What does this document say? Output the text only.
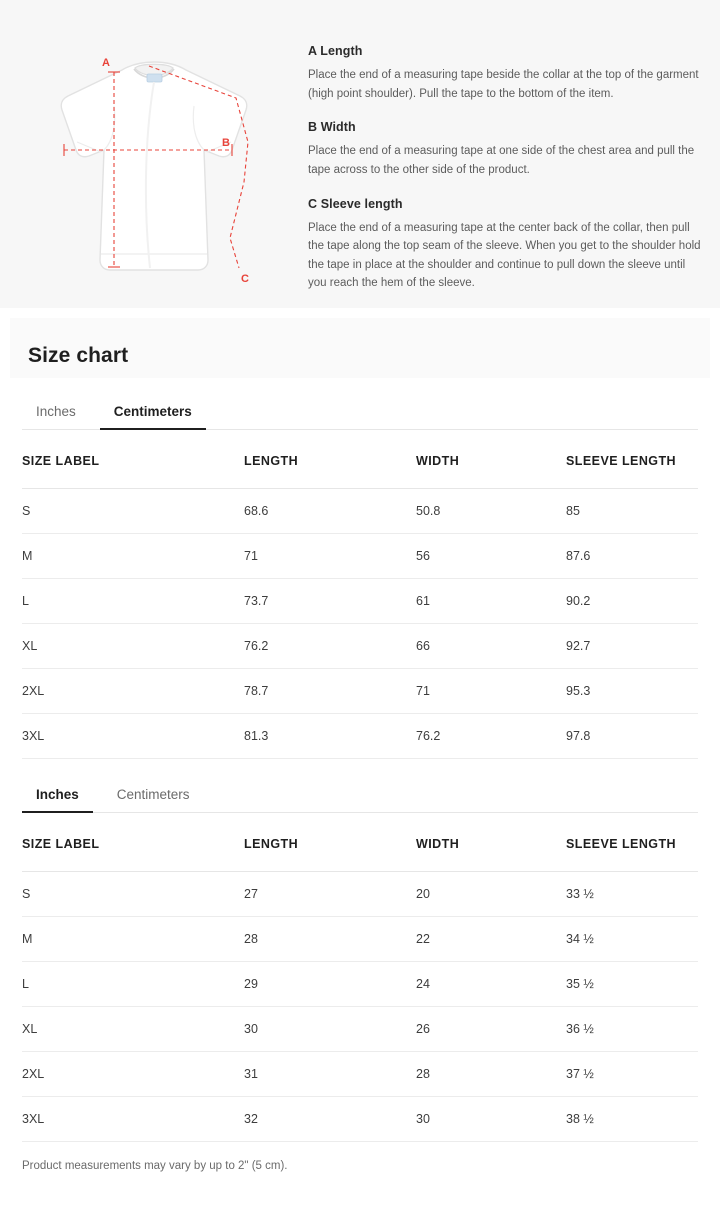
A
B
C
A Length

Place the end of a measuring tape beside the collar at the top of the garment (high point shoulder). Pull the tape to the bottom of the item.

B Width

Place the end of a measuring tape at one side of the chest area and pull the tape across to the other side of the product.

C Sleeve length

Place the end of a measuring tape at the center back of the collar, then pull the tape along the top seam of the sleeve. When you get to the shoulder hold the tape in place at the shoulder and continue to pull down the sleeve until you reach the hem of the sleeve.

Size chart
Inches	Centimeters
SIZE LABEL	LENGTH	WIDTH	SLEEVE LENGTH
S	68.6	50.8	85
M	71	56	87.6
L	73.7	61	90.2
XL	76.2	66	92.7
2XL	78.7	71	95.3
3XL	81.3	76.2	97.8
Inches	Centimeters
SIZE LABEL	LENGTH	WIDTH	SLEEVE LENGTH
S	27	20	33 ½
M	28	22	34 ½
L	29	24	35 ½
XL	30	26	36 ½
2XL	31	28	37 ½
3XL	32	30	38 ½
Product measurements may vary by up to 2" (5 cm).
